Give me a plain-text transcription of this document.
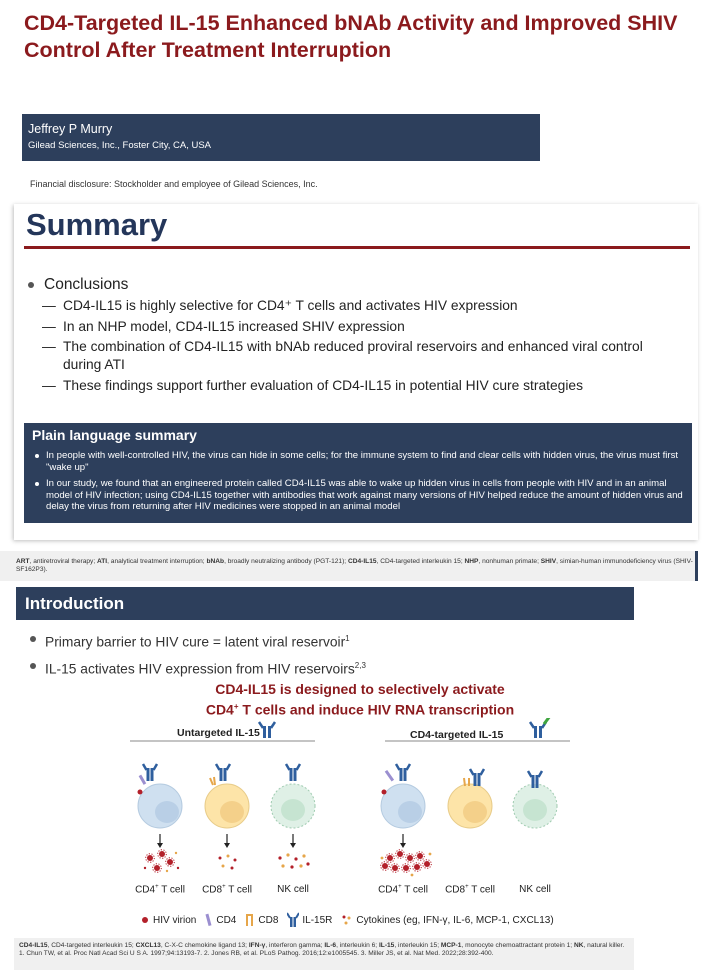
CD4-Targeted IL-15 Enhanced bNAb Activity and Improved SHIV Control After Treatment Interruption
Jeffrey P Murry
Gilead Sciences, Inc., Foster City, CA, USA
Financial disclosure: Stockholder and employee of Gilead Sciences, Inc.
Summary
Conclusions
— CD4-IL15 is highly selective for CD4⁺ T cells and activates HIV expression
— In an NHP model, CD4-IL15 increased SHIV expression
— The combination of CD4-IL15 with bNAb reduced proviral reservoirs and enhanced viral control during ATI
— These findings support further evaluation of CD4-IL15 in potential HIV cure strategies
Plain language summary
In people with well-controlled HIV, the virus can hide in some cells; for the immune system to find and clear cells with hidden virus, the virus must first "wake up"
In our study, we found that an engineered protein called CD4-IL15 was able to wake up hidden virus in cells from people with HIV and in an animal model of HIV infection; using CD4-IL15 together with antibodies that work against many versions of HIV helped reduce the amount of hidden virus and delay the virus from returning after HIV medicines were stopped in an animal model
ART, antiretroviral therapy; ATI, analytical treatment interruption; bNAb, broadly neutralizing antibody (PGT-121); CD4-IL15, CD4-targeted interleukin 15; NHP, nonhuman primate; SHIV, simian-human immunodeficiency virus (SHIV-SF162P3).
Introduction
Primary barrier to HIV cure = latent viral reservoir$^1$
IL-15 activates HIV expression from HIV reservoirs$^{2,3}$
CD4-IL15 is designed to selectively activate
CD4+ T cells and induce HIV RNA transcription
Untargeted IL-15	CD4-targeted IL-15
CD4+ T cell	CD8+ T cell	NK cell	CD4+ T cell	CD8+ T cell	NK cell
HIV virion CD4 CD8 IL-15R Cytokines (eg, IFN-γ, IL-6, MCP-1, CXCL13)
CD4-IL15, CD4-targeted interleukin 15; CXCL13, C-X-C chemokine ligand 13; IFN-γ, interferon gamma; IL-6, interleukin 6; IL-15, interleukin 15; MCP-1, monocyte chemoattractant protein 1; NK, natural killer.
1. Chun TW, et al. Proc Natl Acad Sci U S A. 1997;94:13193-7. 2. Jones RB, et al. PLoS Pathog. 2016;12:e1005545. 3. Miller JS, et al. Nat Med. 2022;28:392-400.
